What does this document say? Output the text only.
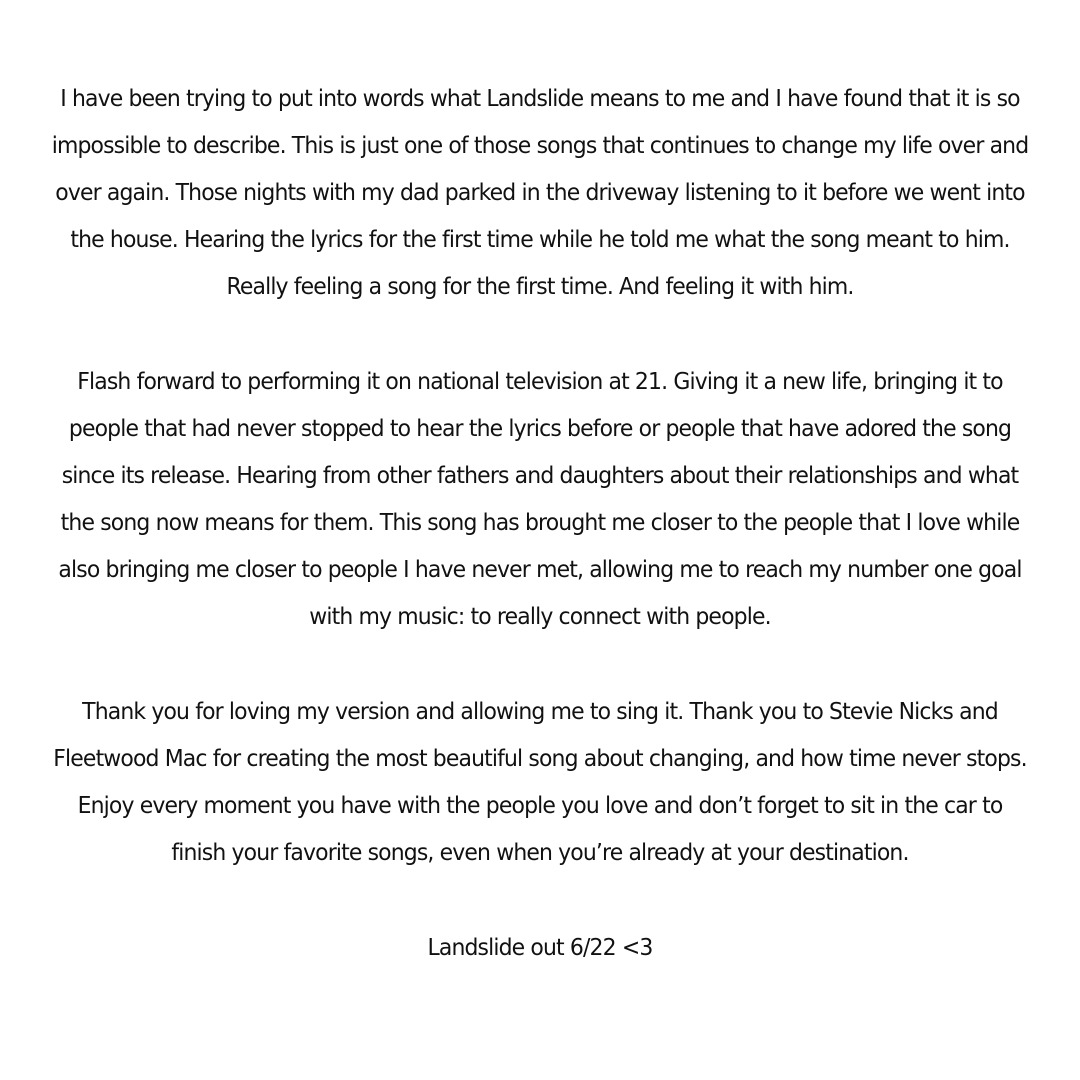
I have been trying to put into words what Landslide means to me and I have found that it is so
impossible to describe. This is just one of those songs that continues to change my life over and
over again. Those nights with my dad parked in the driveway listening to it before we went into
the house. Hearing the lyrics for the first time while he told me what the song meant to him.
Really feeling a song for the first time. And feeling it with him.
Flash forward to performing it on national television at 21. Giving it a new life, bringing it to
people that had never stopped to hear the lyrics before or people that have adored the song
since its release. Hearing from other fathers and daughters about their relationships and what
the song now means for them. This song has brought me closer to the people that I love while
also bringing me closer to people I have never met, allowing me to reach my number one goal
with my music: to really connect with people.
Thank you for loving my version and allowing me to sing it. Thank you to Stevie Nicks and
Fleetwood Mac for creating the most beautiful song about changing, and how time never stops.
Enjoy every moment you have with the people you love and don’t forget to sit in the car to
finish your favorite songs, even when you’re already at your destination.
Landslide out 6/22 <3
